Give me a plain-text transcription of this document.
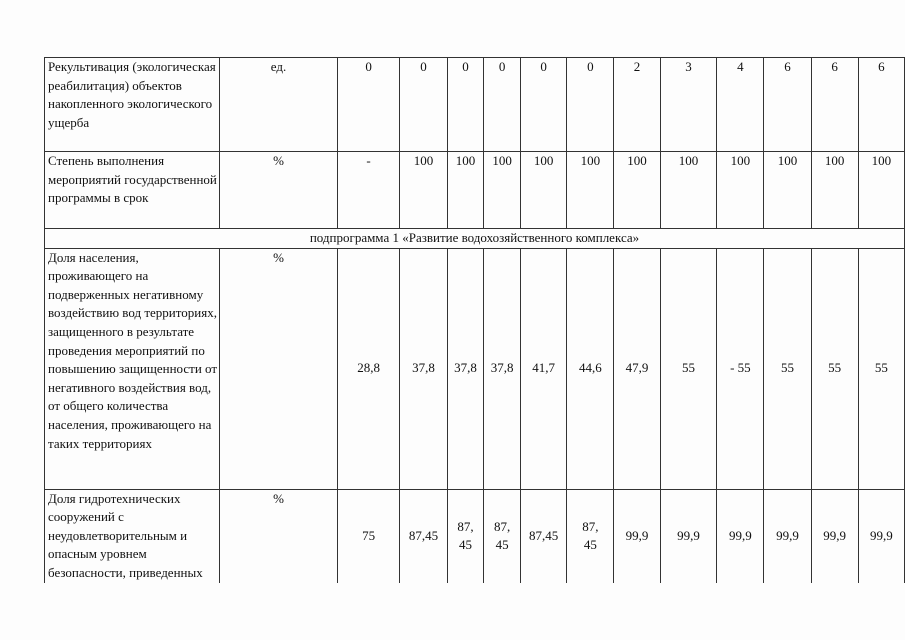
Рекультивация (экологическая реабилитация) объектов накопленного экологического ущерба	ед.	0	0	0	0	0	0	2	3	4	6	6	6
Степень выполнения мероприятий государственной программы в срок	%	-	100	100	100	100	100	100	100	100	100	100	100
подпрограмма 1 «Развитие водохозяйственного комплекса»													
Доля населения, проживающего на подверженных негативному воздействию вод территориях, защищенного в результате проведения мероприятий по повышению защищенности от негативного воздействия вод, от общего количества населения, проживающего на таких территориях	%	28,8	37,8	37,8	37,8	41,7	44,6	47,9	55	- 55	55	55	55
Доля гидротехнических сооружений с неудовлетворительным и опасным уровнем безопасности, приведенных	%	75	87,45	87,45	87,45	87,45	87,45	99,9	99,9	99,9	99,9	99,9	99,9
